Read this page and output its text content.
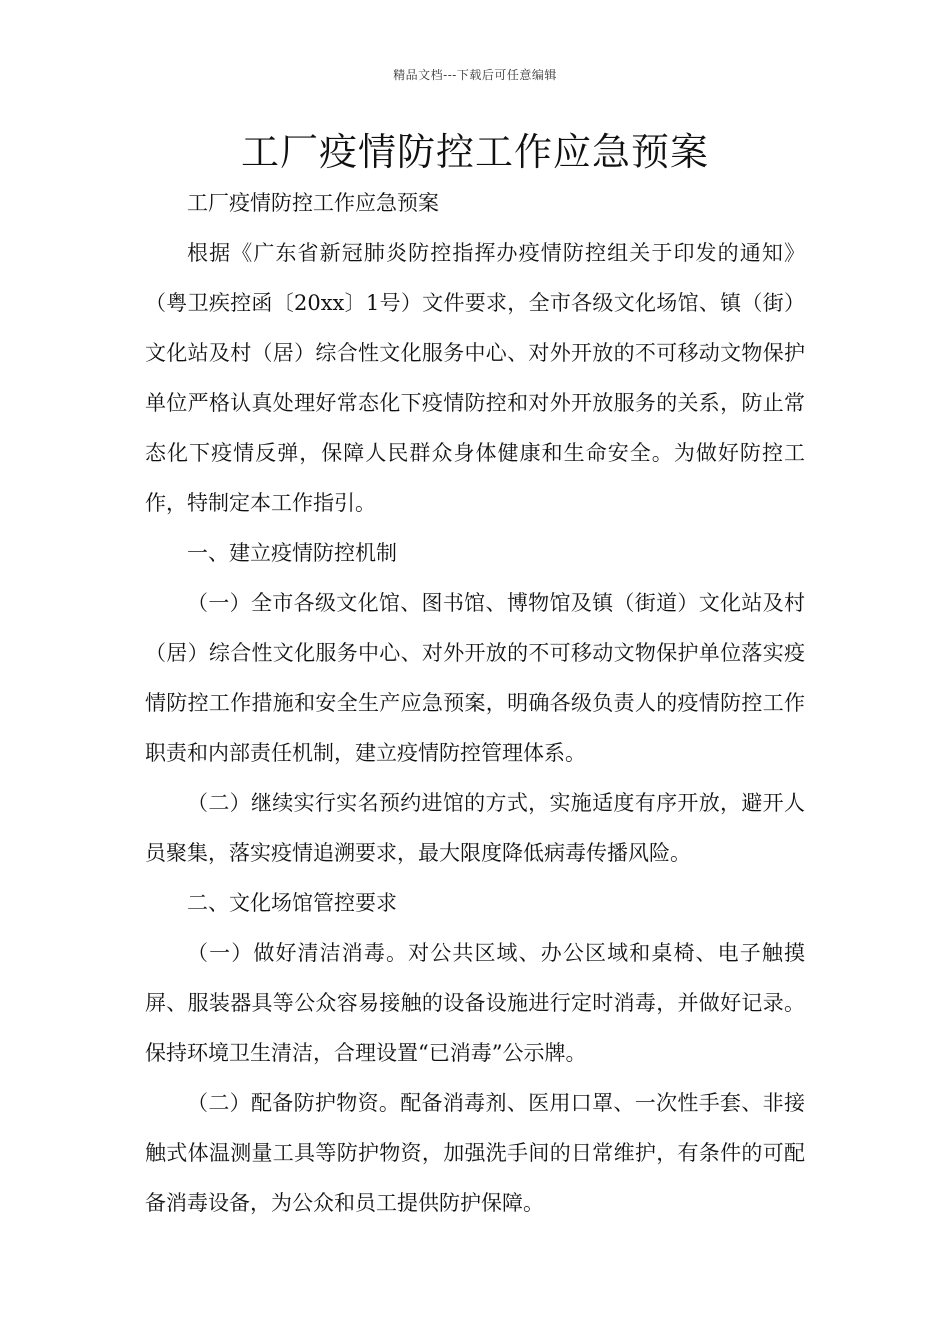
精品文档---下载后可任意编辑
工厂疫情防控工作应急预案

工厂疫情防控工作应急预案

根据《广东省新冠肺炎防控指挥办疫情防控组关于印发的通知》（粤卫疾控函〔20xx〕1号）文件要求，全市各级文化场馆、镇（街）文化站及村（居）综合性文化服务中心、对外开放的不可移动文物保护单位严格认真处理好常态化下疫情防控和对外开放服务的关系，防止常态化下疫情反弹，保障人民群众身体健康和生命安全。为做好防控工作，特制定本工作指引。

一、建立疫情防控机制

（一）全市各级文化馆、图书馆、博物馆及镇（街道）文化站及村（居）综合性文化服务中心、对外开放的不可移动文物保护单位落实疫情防控工作措施和安全生产应急预案，明确各级负责人的疫情防控工作职责和内部责任机制，建立疫情防控管理体系。

（二）继续实行实名预约进馆的方式，实施适度有序开放，避开人员聚集，落实疫情追溯要求，最大限度降低病毒传播风险。

二、文化场馆管控要求

（一）做好清洁消毒。对公共区域、办公区域和桌椅、电子触摸屏、服装器具等公众容易接触的设备设施进行定时消毒，并做好记录。保持环境卫生清洁，合理设置“已消毒”公示牌。

（二）配备防护物资。配备消毒剂、医用口罩、一次性手套、非接触式体温测量工具等防护物资，加强洗手间的日常维护，有条件的可配备消毒设备，为公众和员工提供防护保障。
